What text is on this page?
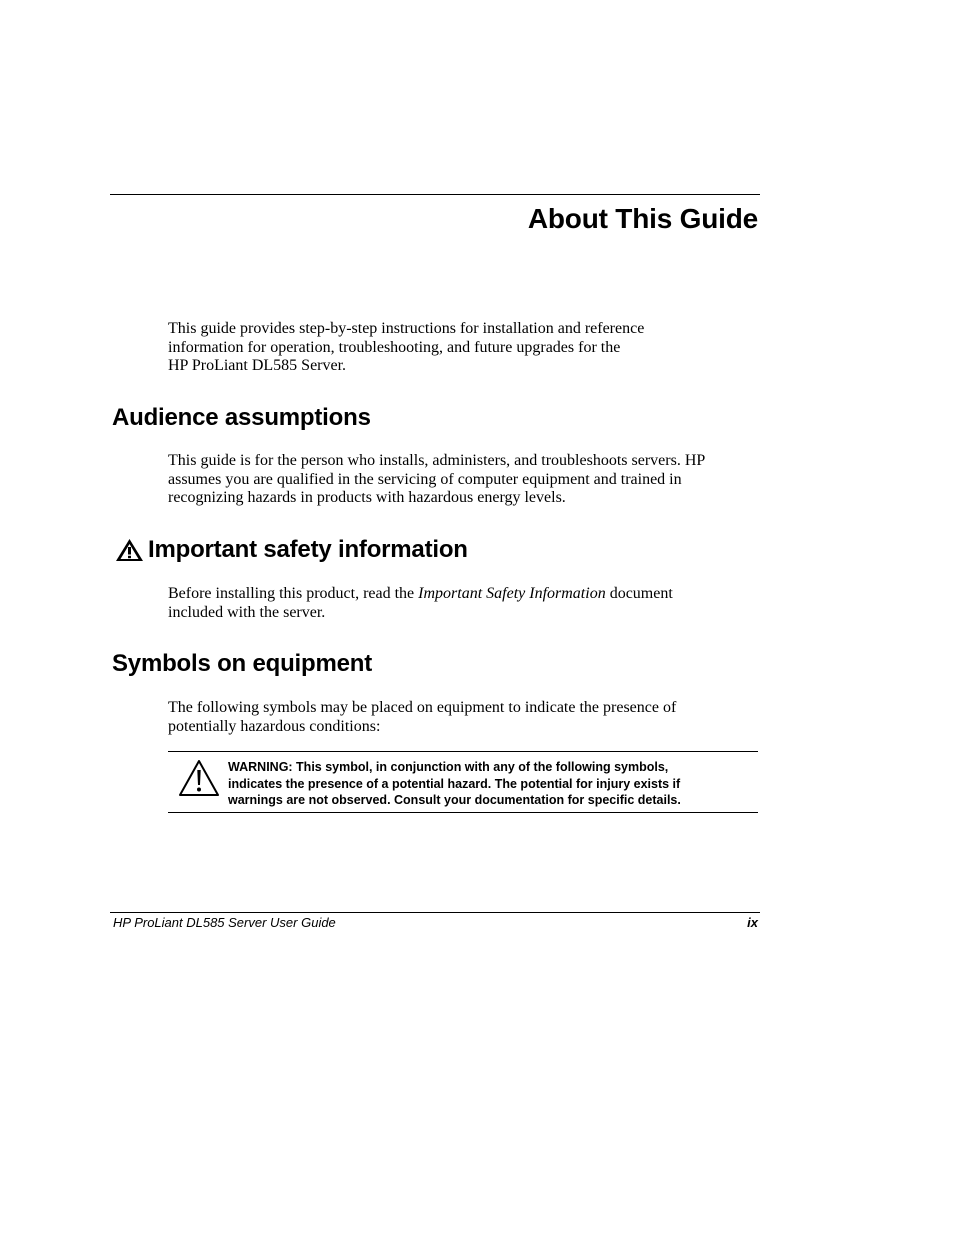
About This Guide

This guide provides step-by-step instructions for installation and reference
information for operation, troubleshooting, and future upgrades for the
HP ProLiant DL585 Server.

Audience assumptions

This guide is for the person who installs, administers, and troubleshoots servers. HP
assumes you are qualified in the servicing of computer equipment and trained in
recognizing hazards in products with hazardous energy levels.

Important safety information

Before installing this product, read the Important Safety Information document
included with the server.

Symbols on equipment

The following symbols may be placed on equipment to indicate the presence of
potentially hazardous conditions:

WARNING: This symbol, in conjunction with any of the following symbols,
indicates the presence of a potential hazard. The potential for injury exists if
warnings are not observed. Consult your documentation for specific details.

HP ProLiant DL585 Server User Guide	ix
